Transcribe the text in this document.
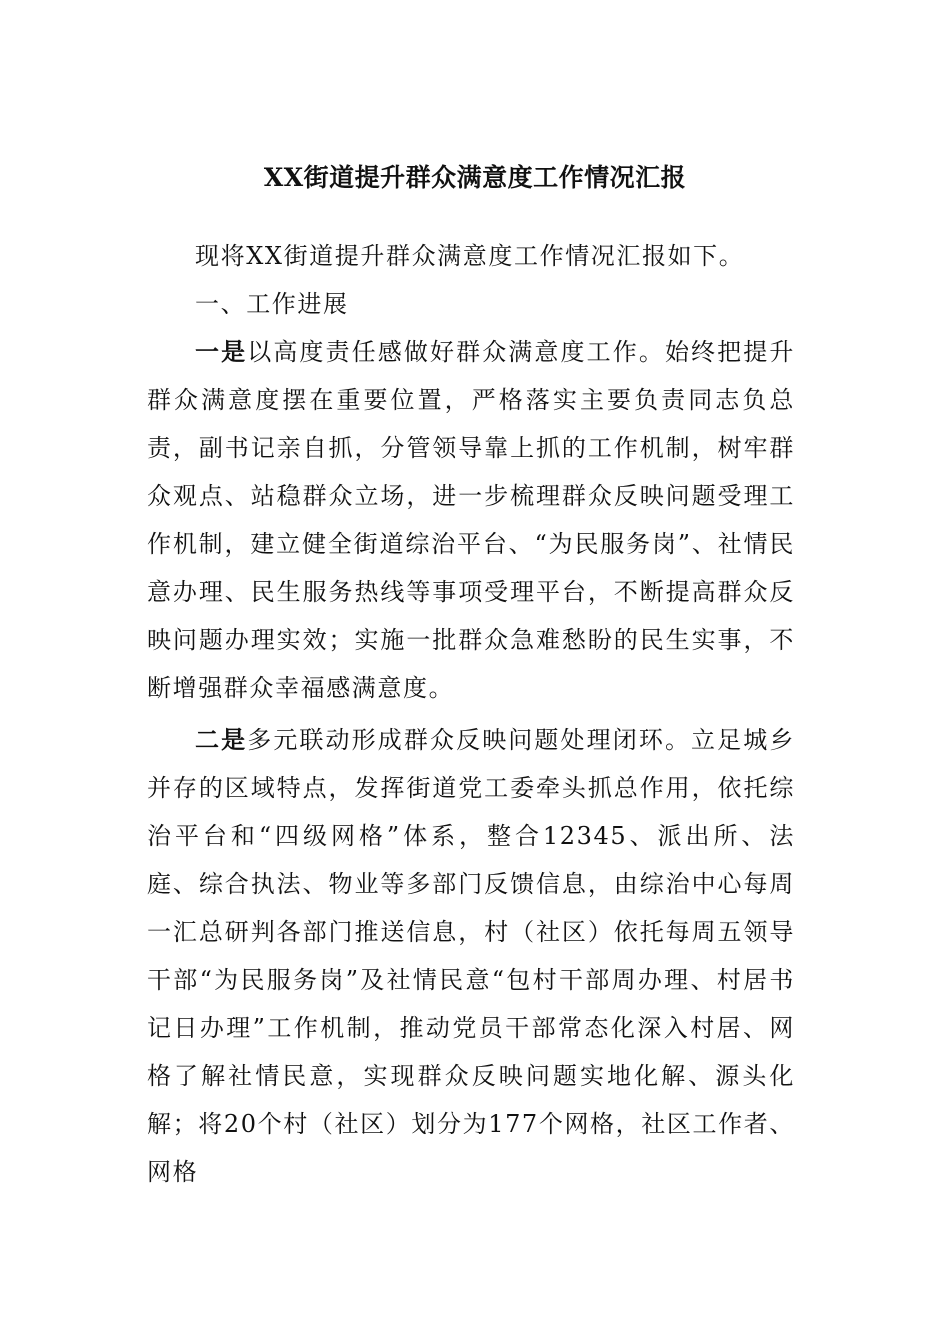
XX街道提升群众满意度工作情况汇报

现将XX街道提升群众满意度工作情况汇报如下。

一、工作进展

一是以高度责任感做好群众满意度工作。始终把提升群众满意度摆在重要位置，严格落实主要负责同志负总责，副书记亲自抓，分管领导靠上抓的工作机制，树牢群众观点、站稳群众立场，进一步梳理群众反映问题受理工作机制，建立健全街道综治平台、“为民服务岗”、社情民意办理、民生服务热线等事项受理平台，不断提高群众反映问题办理实效；实施一批群众急难愁盼的民生实事，不断增强群众幸福感满意度。

二是多元联动形成群众反映问题处理闭环。立足城乡并存的区域特点，发挥街道党工委牵头抓总作用，依托综治平台和“四级网格”体系，整合12345、派出所、法庭、综合执法、物业等多部门反馈信息，由综治中心每周一汇总研判各部门推送信息，村（社区）依托每周五领导干部“为民服务岗”及社情民意“包村干部周办理、村居书记日办理”工作机制，推动党员干部常态化深入村居、网格了解社情民意，实现群众反映问题实地化解、源头化解；将20个村（社区）划分为177个网格，社区工作者、网格
